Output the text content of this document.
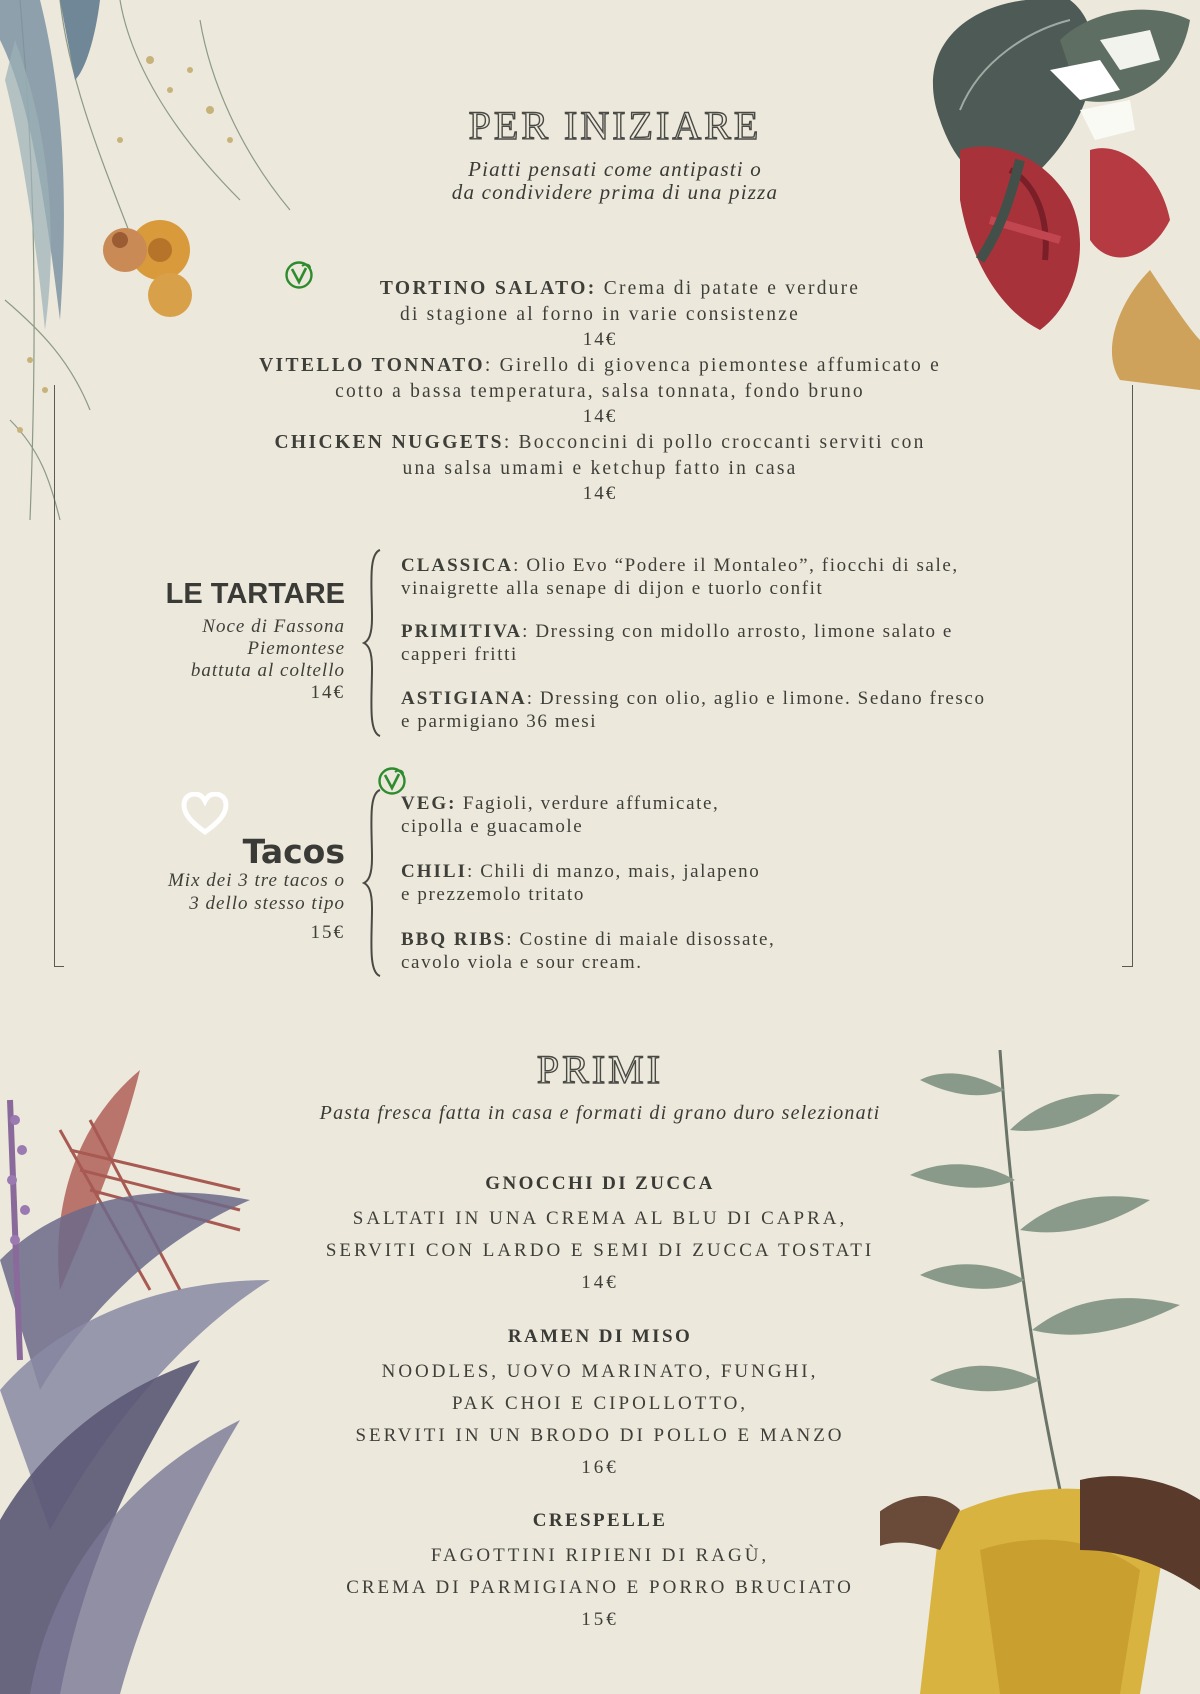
PER INIZIARE
Piatti pensati come antipasti o
da condividere prima di una pizza
TORTINO SALATO: Crema di patate e verdure
di stagione al forno in varie consistenze
14€
VITELLO TONNATO: Girello di giovenca piemontese affumicato e
cotto a bassa temperatura, salsa tonnata, fondo bruno
14€
CHICKEN NUGGETS: Bocconcini di pollo croccanti serviti con
una salsa umami e ketchup fatto in casa
14€
LE TARTARE
Noce di Fassona
Piemontese
battuta al coltello
14€
CLASSICA: Olio Evo “Podere il Montaleo”, fiocchi di sale,
vinaigrette alla senape di dijon e tuorlo confit
PRIMITIVA: Dressing con midollo arrosto, limone salato e
capperi fritti
ASTIGIANA: Dressing con olio, aglio e limone. Sedano fresco
e parmigiano 36 mesi
Tacos
Mix dei 3 tre tacos o
3 dello stesso tipo
15€
VEG: Fagioli, verdure affumicate,
cipolla e guacamole
CHILI: Chili di manzo, mais, jalapeno
e prezzemolo tritato
BBQ RIBS: Costine di maiale disossate,
cavolo viola e sour cream.
PRIMI
Pasta fresca fatta in casa e formati di grano duro selezionati
GNOCCHI DI ZUCCA
SALTATI IN UNA CREMA AL BLU DI CAPRA,
SERVITI CON LARDO E SEMI DI ZUCCA TOSTATI
14€
RAMEN DI MISO
NOODLES, UOVO MARINATO, FUNGHI,
PAK CHOI E CIPOLLOTTO,
SERVITI IN UN BRODO DI POLLO E MANZO
16€
CRESPELLE
FAGOTTINI RIPIENI DI RAGÙ,
CREMA DI PARMIGIANO E PORRO BRUCIATO
15€
